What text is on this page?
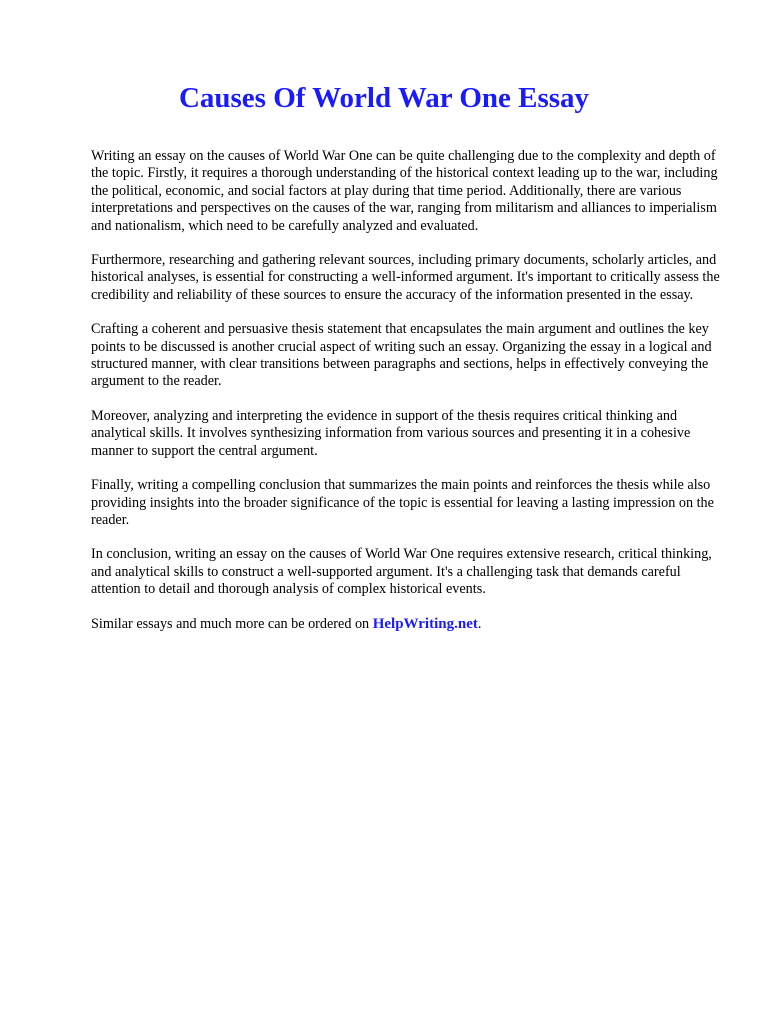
Causes Of World War One Essay

Writing an essay on the causes of World War One can be quite challenging due to the complexity and depth of the topic. Firstly, it requires a thorough understanding of the historical context leading up to the war, including the political, economic, and social factors at play during that time period. Additionally, there are various interpretations and perspectives on the causes of the war, ranging from militarism and alliances to imperialism and nationalism, which need to be carefully analyzed and evaluated.

Furthermore, researching and gathering relevant sources, including primary documents, scholarly articles, and historical analyses, is essential for constructing a well-informed argument. It's important to critically assess the credibility and reliability of these sources to ensure the accuracy of the information presented in the essay.

Crafting a coherent and persuasive thesis statement that encapsulates the main argument and outlines the key points to be discussed is another crucial aspect of writing such an essay. Organizing the essay in a logical and structured manner, with clear transitions between paragraphs and sections, helps in effectively conveying the argument to the reader.

Moreover, analyzing and interpreting the evidence in support of the thesis requires critical thinking and analytical skills. It involves synthesizing information from various sources and presenting it in a cohesive manner to support the central argument.

Finally, writing a compelling conclusion that summarizes the main points and reinforces the thesis while also providing insights into the broader significance of the topic is essential for leaving a lasting impression on the reader.

In conclusion, writing an essay on the causes of World War One requires extensive research, critical thinking, and analytical skills to construct a well-supported argument. It's a challenging task that demands careful attention to detail and thorough analysis of complex historical events.

Similar essays and much more can be ordered on HelpWriting.net.
